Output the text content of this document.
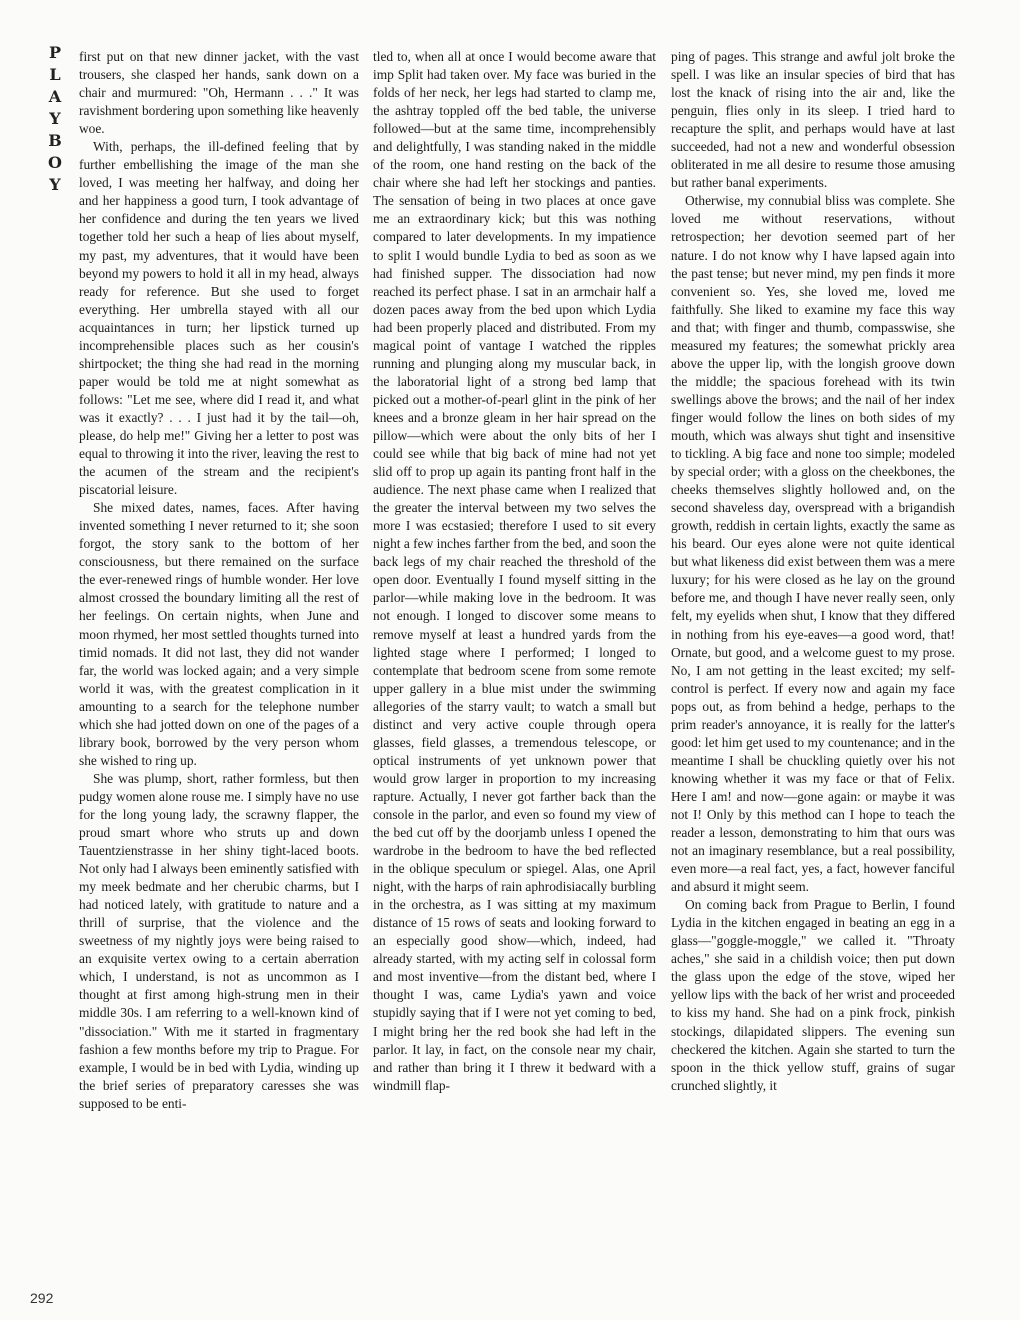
P
L
A
Y
B
O
Y
292

first put on that new dinner jacket, with the vast trousers, she clasped her hands, sank down on a chair and murmured: "Oh, Hermann . . ." It was ravishment bordering upon something like heavenly woe.

With, perhaps, the ill-defined feeling that by further embellishing the image of the man she loved, I was meeting her halfway, and doing her and her happiness a good turn, I took advantage of her confidence and during the ten years we lived together told her such a heap of lies about myself, my past, my adventures, that it would have been beyond my powers to hold it all in my head, always ready for reference. But she used to forget everything. Her umbrella stayed with all our acquaintances in turn; her lipstick turned up incomprehensible places such as her cousin's shirtpocket; the thing she had read in the morning paper would be told me at night somewhat as follows: "Let me see, where did I read it, and what was it exactly? . . . I just had it by the tail—oh, please, do help me!" Giving her a letter to post was equal to throwing it into the river, leaving the rest to the acumen of the stream and the recipient's piscatorial leisure.

She mixed dates, names, faces. After having invented something I never returned to it; she soon forgot, the story sank to the bottom of her consciousness, but there remained on the surface the ever-renewed rings of humble wonder. Her love almost crossed the boundary limiting all the rest of her feelings. On certain nights, when June and moon rhymed, her most settled thoughts turned into timid nomads. It did not last, they did not wander far, the world was locked again; and a very simple world it was, with the greatest complication in it amounting to a search for the telephone number which she had jotted down on one of the pages of a library book, borrowed by the very person whom she wished to ring up.

She was plump, short, rather formless, but then pudgy women alone rouse me. I simply have no use for the long young lady, the scrawny flapper, the proud smart whore who struts up and down Tauentzienstrasse in her shiny tight-laced boots. Not only had I always been eminently satisfied with my meek bedmate and her cherubic charms, but I had noticed lately, with gratitude to nature and a thrill of surprise, that the violence and the sweetness of my nightly joys were being raised to an exquisite vertex owing to a certain aberration which, I understand, is not as uncommon as I thought at first among high-strung men in their middle 30s. I am referring to a well-known kind of "dissociation." With me it started in fragmentary fashion a few months before my trip to Prague. For example, I would be in bed with Lydia, winding up the brief series of preparatory caresses she was supposed to be enti-

tled to, when all at once I would become aware that imp Split had taken over. My face was buried in the folds of her neck, her legs had started to clamp me, the ashtray toppled off the bed table, the universe followed—but at the same time, incomprehensibly and delightfully, I was standing naked in the middle of the room, one hand resting on the back of the chair where she had left her stockings and panties. The sensation of being in two places at once gave me an extraordinary kick; but this was nothing compared to later developments. In my impatience to split I would bundle Lydia to bed as soon as we had finished supper. The dissociation had now reached its perfect phase. I sat in an armchair half a dozen paces away from the bed upon which Lydia had been properly placed and distributed. From my magical point of vantage I watched the ripples running and plunging along my muscular back, in the laboratorial light of a strong bed lamp that picked out a mother-of-pearl glint in the pink of her knees and a bronze gleam in her hair spread on the pillow—which were about the only bits of her I could see while that big back of mine had not yet slid off to prop up again its panting front half in the audience. The next phase came when I realized that the greater the interval between my two selves the more I was ecstasied; therefore I used to sit every night a few inches farther from the bed, and soon the back legs of my chair reached the threshold of the open door. Eventually I found myself sitting in the parlor—while making love in the bedroom. It was not enough. I longed to discover some means to remove myself at least a hundred yards from the lighted stage where I performed; I longed to contemplate that bedroom scene from some remote upper gallery in a blue mist under the swimming allegories of the starry vault; to watch a small but distinct and very active couple through opera glasses, field glasses, a tremendous telescope, or optical instruments of yet unknown power that would grow larger in proportion to my increasing rapture. Actually, I never got farther back than the console in the parlor, and even so found my view of the bed cut off by the doorjamb unless I opened the wardrobe in the bedroom to have the bed reflected in the oblique speculum or spiegel. Alas, one April night, with the harps of rain aphrodisiacally burbling in the orchestra, as I was sitting at my maximum distance of 15 rows of seats and looking forward to an especially good show—which, indeed, had already started, with my acting self in colossal form and most inventive—from the distant bed, where I thought I was, came Lydia's yawn and voice stupidly saying that if I were not yet coming to bed, I might bring her the red book she had left in the parlor. It lay, in fact, on the console near my chair, and rather than bring it I threw it bedward with a windmill flap-

ping of pages. This strange and awful jolt broke the spell. I was like an insular species of bird that has lost the knack of rising into the air and, like the penguin, flies only in its sleep. I tried hard to recapture the split, and perhaps would have at last succeeded, had not a new and wonderful obsession obliterated in me all desire to resume those amusing but rather banal experiments.

Otherwise, my connubial bliss was complete. She loved me without reservations, without retrospection; her devotion seemed part of her nature. I do not know why I have lapsed again into the past tense; but never mind, my pen finds it more convenient so. Yes, she loved me, loved me faithfully. She liked to examine my face this way and that; with finger and thumb, compasswise, she measured my features; the somewhat prickly area above the upper lip, with the longish groove down the middle; the spacious forehead with its twin swellings above the brows; and the nail of her index finger would follow the lines on both sides of my mouth, which was always shut tight and insensitive to tickling. A big face and none too simple; modeled by special order; with a gloss on the cheekbones, the cheeks themselves slightly hollowed and, on the second shaveless day, overspread with a brigandish growth, reddish in certain lights, exactly the same as his beard. Our eyes alone were not quite identical but what likeness did exist between them was a mere luxury; for his were closed as he lay on the ground before me, and though I have never really seen, only felt, my eyelids when shut, I know that they differed in nothing from his eye-eaves—a good word, that! Ornate, but good, and a welcome guest to my prose. No, I am not getting in the least excited; my self-control is perfect. If every now and again my face pops out, as from behind a hedge, perhaps to the prim reader's annoyance, it is really for the latter's good: let him get used to my countenance; and in the meantime I shall be chuckling quietly over his not knowing whether it was my face or that of Felix. Here I am! and now—gone again: or maybe it was not I! Only by this method can I hope to teach the reader a lesson, demonstrating to him that ours was not an imaginary resemblance, but a real possibility, even more—a real fact, yes, a fact, however fanciful and absurd it might seem.

On coming back from Prague to Berlin, I found Lydia in the kitchen engaged in beating an egg in a glass—"goggle-moggle," we called it. "Throaty aches," she said in a childish voice; then put down the glass upon the edge of the stove, wiped her yellow lips with the back of her wrist and proceeded to kiss my hand. She had on a pink frock, pinkish stockings, dilapidated slippers. The evening sun checkered the kitchen. Again she started to turn the spoon in the thick yellow stuff, grains of sugar crunched slightly, it
